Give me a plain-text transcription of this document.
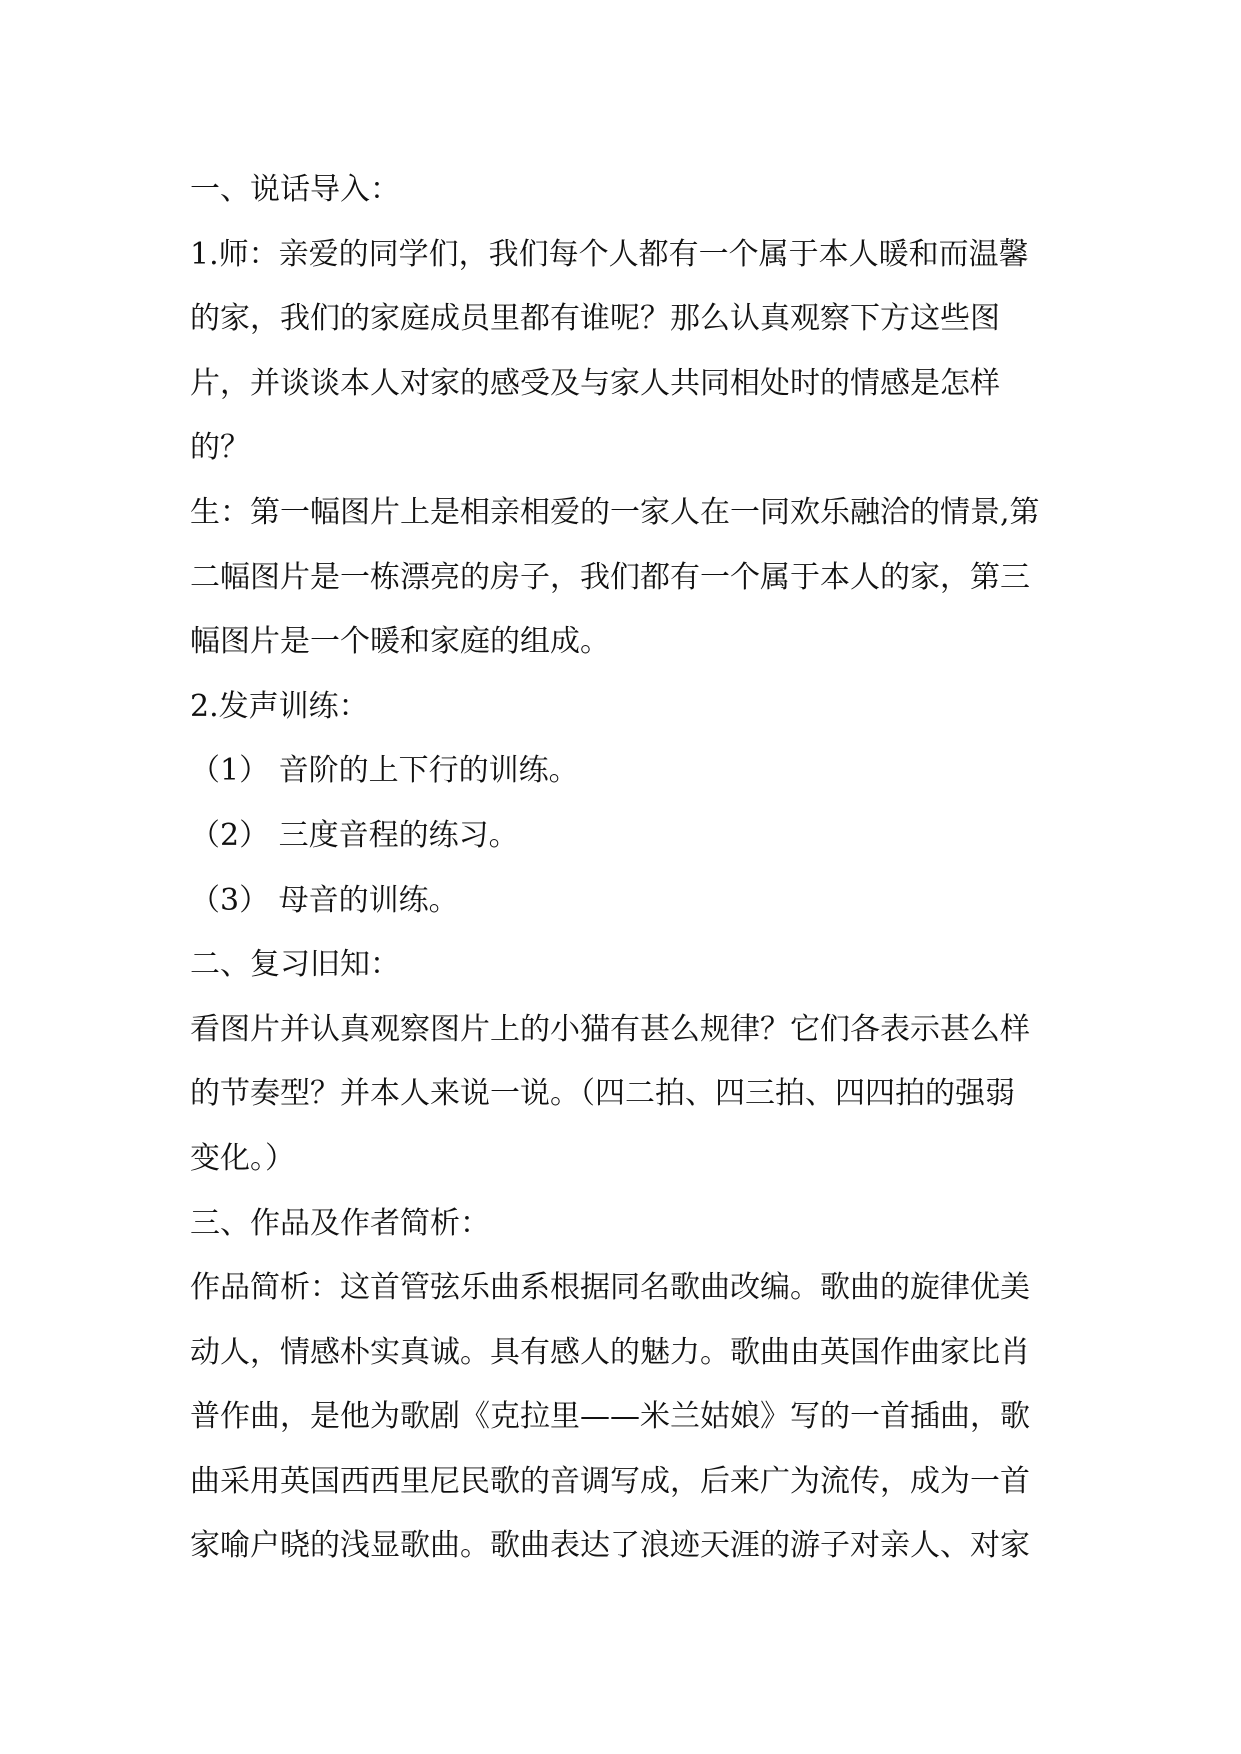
一、说话导入：

1.师：亲爱的同学们，我们每个人都有一个属于本人暖和而温馨

的家，我们的家庭成员里都有谁呢？那么认真观察下方这些图

片，并谈谈本人对家的感受及与家人共同相处时的情感是怎样

的？

生：第一幅图片上是相亲相爱的一家人在一同欢乐融洽的情景,第

二幅图片是一栋漂亮的房子，我们都有一个属于本人的家，第三

幅图片是一个暖和家庭的组成。

2.发声训练：

（1） 音阶的上下行的训练。

（2） 三度音程的练习。

（3） 母音的训练。

二、复习旧知：

看图片并认真观察图片上的小猫有甚么规律？它们各表示甚么样

的节奏型？并本人来说一说。（四二拍、四三拍、四四拍的强弱

变化。）

三、作品及作者简析：

作品简析：这首管弦乐曲系根据同名歌曲改编。歌曲的旋律优美

动人，情感朴实真诚。具有感人的魅力。歌曲由英国作曲家比肖

普作曲，是他为歌剧《克拉里——米兰姑娘》写的一首插曲，歌

曲采用英国西西里尼民歌的音调写成，后来广为流传，成为一首

家喻户晓的浅显歌曲。歌曲表达了浪迹天涯的游子对亲人、对家
